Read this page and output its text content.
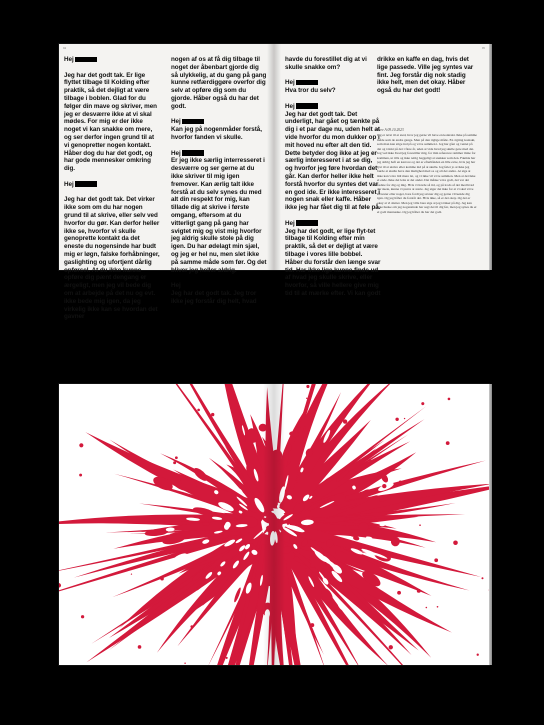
94	95

Hej

Jeg har det godt tak. Er lige flyttet tilbage til Kolding efter praktik, så det dejligt at være tilbage i boblen. Glad for du følger din mave og skriver, men jeg er desværre ikke at vi skal mødes. For mig er der ikke noget vi kan snakke om mere, og ser derfor ingen grund til at vi genopretter nogen kontakt. Håber dog du har det godt, og har gode mennesker omkring dig.

Hej

Jeg har det godt tak. Det virker ikke som om du har nogen grund til at skrive, eller selv ved hvorfor du gør. Kan derfor heller ikke se, hvorfor vi skulle genoprette kontakt da det eneste du nogensinde har budt mig er løgn, falske forhåbninger, gaslighting og ufortjent dårlig opførsel. At du ikke kunne opføre dig pænt dengang er ærgeligt, men jeg vil bede dig om at arbejde på det nu og evt. ikke bede mig igen, da jeg virkelig ikke kan se hvordan det gavner

nogen af os at få dig tilbage til noget der åbenbart gjorde dig så ulykkelig, at du gang på gang kunne retfærdiggøre overfor dig selv at opføre dig som du gjorde. Håber også du har det godt.

Hej

Kan jeg på nogenmåder forstå, hvorfor fanden vi skulle.

Hej

Er jeg ikke særlig interresseret i desværre og ser gerne at du ikke skriver til mig igen fremover. Kan ærlig talt ikke forstå at du selv synes du med alt din respekt for mig, kan tillade dig at skrive i første omgang, eftersom at du vitterligt gang på gang har svigtet mig og vist mig hvorfor jeg aldrig skulle stole på dig igen. Du har ødelagt min sjæl, og jeg er hel nu, men slet ikke på samme måde som før. Og det bliver jeg heller aldrig.

Hej

Jeg har det godt tak. Jeg tror ikke jeg forstår dig helt, hvad

havde du forestillet dig at vi skulle snakke om?

Hej

Hva tror du selv?

Hej

Jeg har det godt tak. Det underligt, har gået og tænkte på dig i et par dage nu, uden helt at vide hvorfor du mon dukker op i mit hoved nu efter alt den tid. Dette betyder dog ikke at jeg er særlig interesseret i at se dig, og hvorfor jeg føre hvordan det går. Kan derfor heller ikke helt forstå hvorfor du syntes det var en god ide. Er ikke interesseret i nogen snak eller kaffe. Håber ikke jeg har fået dig til at føle på.

Hej

Jeg har det godt, er lige flyt-tet tilbage til Kolding efter min praktik, så det er dejligt at være tilbage i vores lille bobbel. Håber du forstår den længe svar tid. Har ikke lige kunne finde ud af hvad jeg skulle skrive, eller hvorfor, så ville hellere give mig tid til at mærke efter. Vi kan godt

drikke en kaffe en dag, hvis det lige passede. Ville jeg syntes var fint. Jeg forstår dig nok stadig ikke helt, men det okay. Håber også du har det godt!

Brev A 09.10.2023
Jeg er næst til et stød, hvor jeg gerne vil have en kontrakt. Ikke på samme måde som de andre gange. Men på den rigtige måde. En ægting kontakt, som man kan stige ind på og være sammen i. Jeg har gået og ventet på det og tænkt på det i flere år, uden at vide hvad jeg skulle gøre med det. Jeg ved ikke hvad jeg forestiller mig, for min reference rammer mine for kommen, ut tills og ikke rettig beggeligt at snakker som den. Faktisk har jeg aldrig haft en karrore og det er efterhånden en lille evne, hvis jeg har lyst til at skrive eller komme ind på at skulle. Jeg føler jo at ikke jeg burde at skulle have den mulighed med os og alt det andre. At sige at ikke kan være lidt mere let, og vi ikke vil være sammen. Men at det ikke et ende. Ikke det lette at det andet. Det måske være godt, det var det bedste for dig og mig. Hvis vi havde så tid, og på trods af det med hvad der skete, kunne vi prøve at starte. Jeg siger det ikke for at vi skal være kærester eller noget, bare fordi jeg savner dig og gerne vil kende dig igen. Og jeg håber du forstår det. Hvis ikke, så er det okay. Og det er okay at vi slutter. Men jeg ville bare sige at jeg tænker på dig. Jeg kan ikke huske om jeg nogensinde har sagt det til dig før, men jeg synes du er et godt menneske. Og jeg håber du har det godt.
